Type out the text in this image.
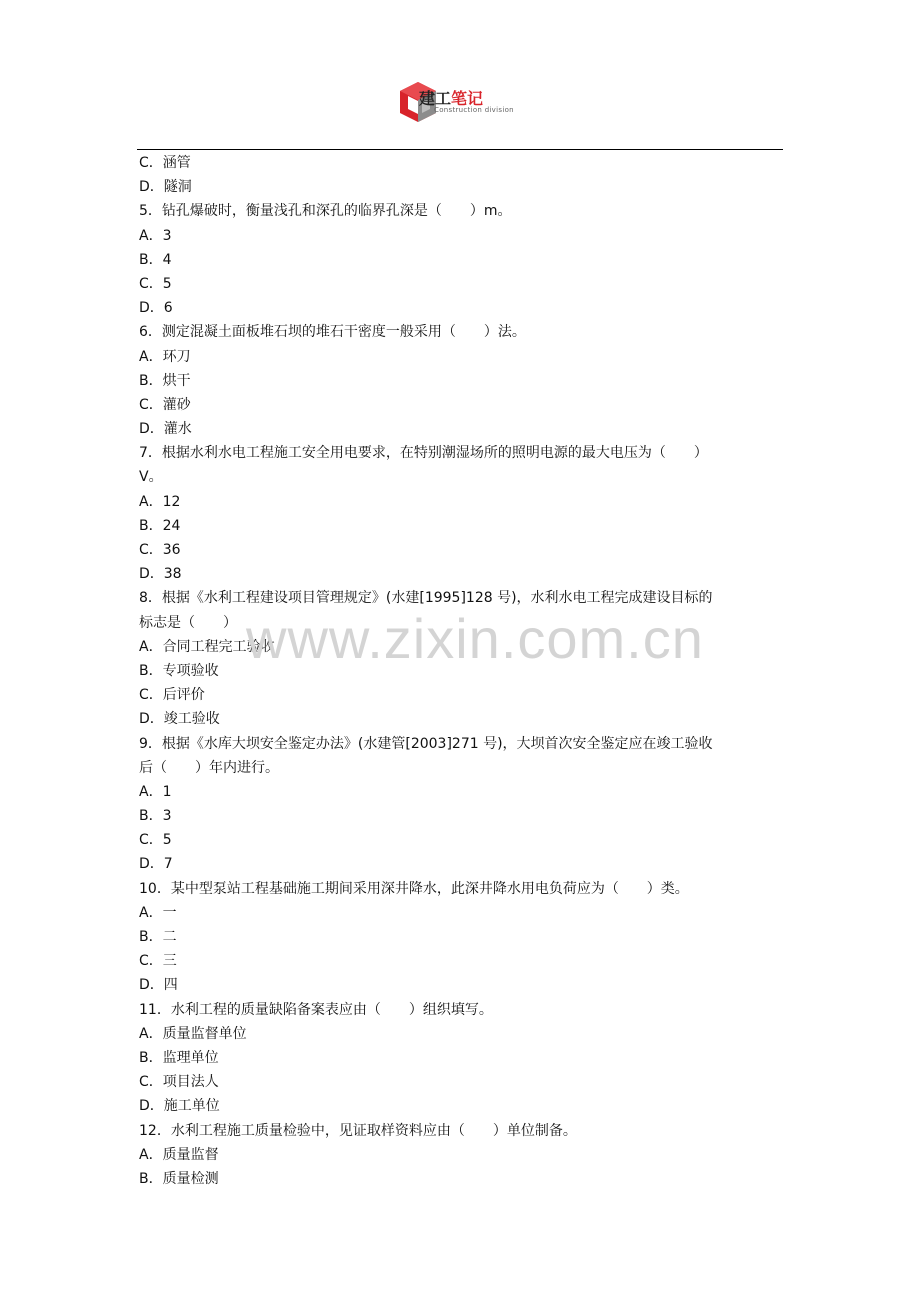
建工笔记
Construction division
C．涵管
D．隧洞
5．钻孔爆破时，衡量浅孔和深孔的临界孔深是（　　）m。
A．3
B．4
C．5
D．6
6．测定混凝土面板堆石坝的堆石干密度一般采用（　　）法。
A．环刀
B．烘干
C．灌砂
D．灌水
7．根据水利水电工程施工安全用电要求，在特别潮湿场所的照明电源的最大电压为（　　）
V。
A．12
B．24
C．36
D．38
8．根据《水利工程建设项目管理规定》(水建[1995]128 号)，水利水电工程完成建设目标的
标志是（　　）
A．合同工程完工验收
B．专项验收
C．后评价
D．竣工验收
9．根据《水库大坝安全鉴定办法》(水建管[2003]271 号)，大坝首次安全鉴定应在竣工验收
后（　　）年内进行。
A．1
B．3
C．5
D．7
10．某中型泵站工程基础施工期间采用深井降水，此深井降水用电负荷应为（　　）类。
A．一
B．二
C．三
D．四
11．水利工程的质量缺陷备案表应由（　　）组织填写。
A．质量监督单位
B．监理单位
C．项目法人
D．施工单位
12．水利工程施工质量检验中，见证取样资料应由（　　）单位制备。
A．质量监督
B．质量检测
www.zixin.com.cn
